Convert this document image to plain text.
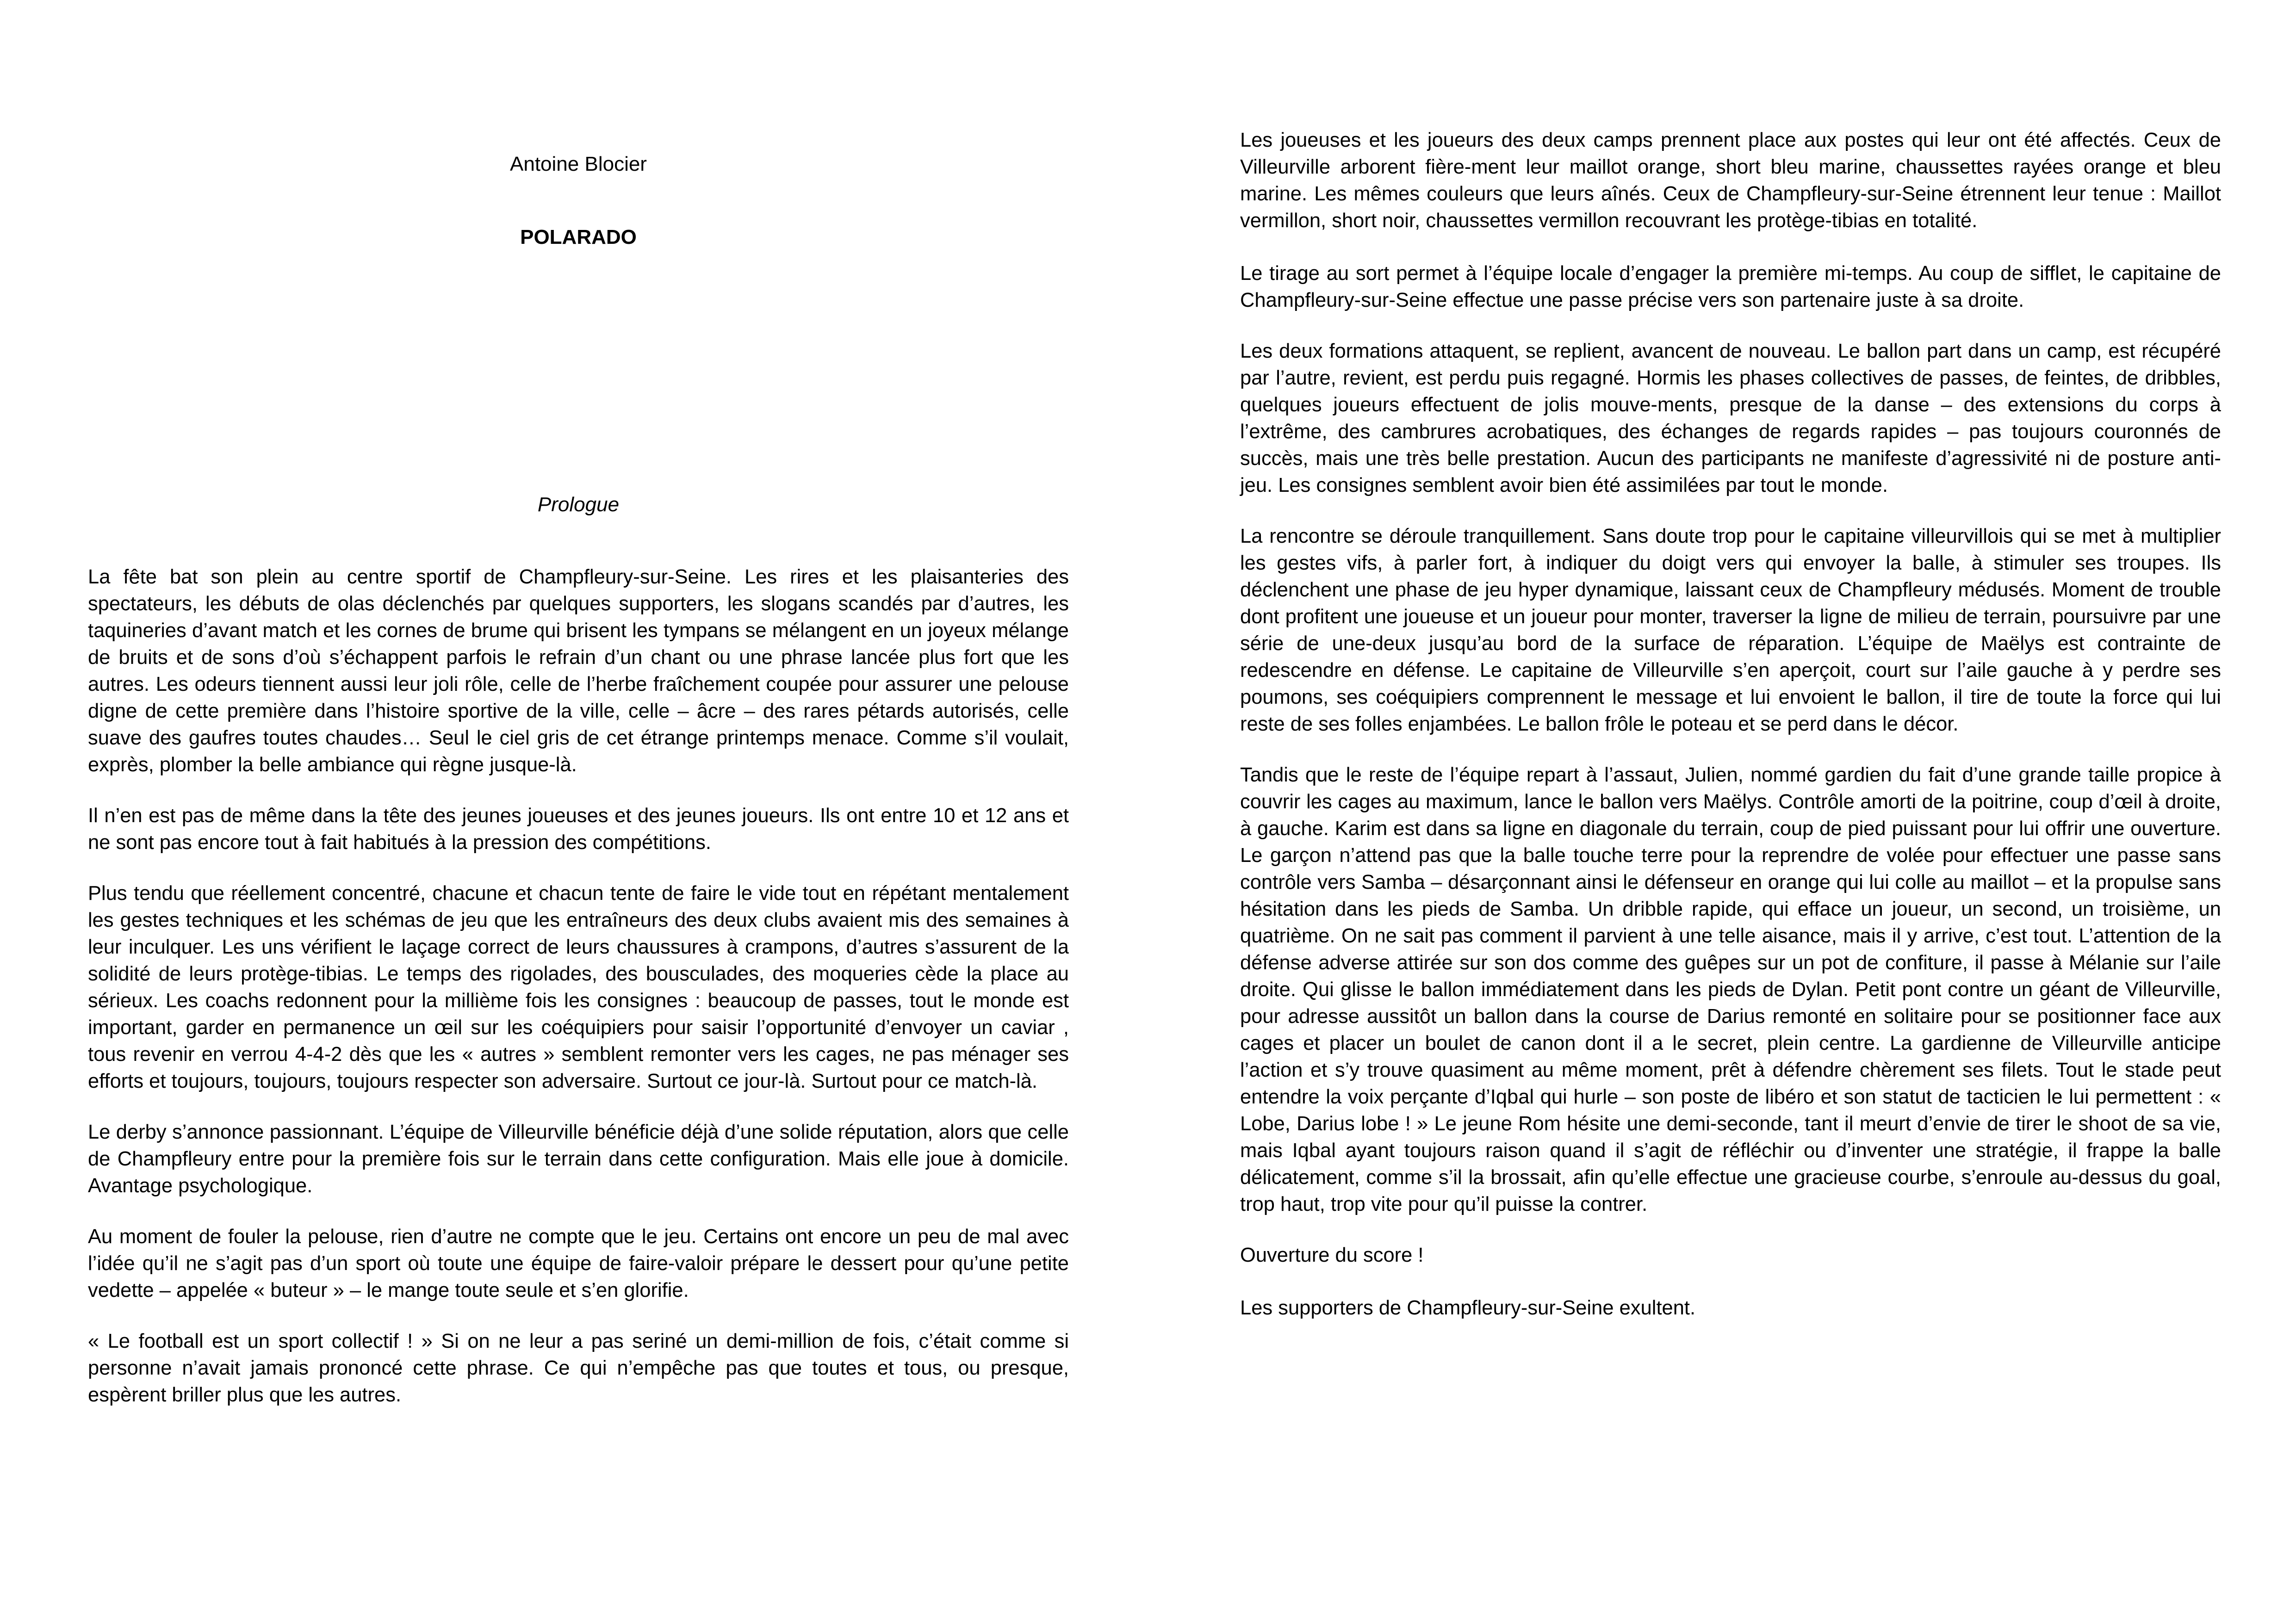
Antoine Blocier
POLARADO
Prologue

La fête bat son plein au centre sportif de Champfleury-sur-Seine. Les rires et les plaisanteries des spectateurs, les débuts de olas déclenchés par quelques supporters, les slogans scandés par d’autres, les taquineries d’avant match et les cornes de brume qui brisent les tympans se mélangent en un joyeux mélange de bruits et de sons d’où s’échappent parfois le refrain d’un chant ou une phrase lancée plus fort que les autres. Les odeurs tiennent aussi leur joli rôle, celle de l’herbe fraîchement coupée pour assurer une pelouse digne de cette première dans l’histoire sportive de la ville, celle – âcre – des rares pétards autorisés, celle suave des gaufres toutes chaudes… Seul le ciel gris de cet étrange printemps menace. Comme s’il voulait, exprès, plomber la belle ambiance qui règne jusque-là.

Il n’en est pas de même dans la tête des jeunes joueuses et des jeunes joueurs. Ils ont entre 10 et 12 ans et ne sont pas encore tout à fait habitués à la pression des compétitions.

Plus tendu que réellement concentré, chacune et chacun tente de faire le vide tout en répétant mentalement les gestes techniques et les schémas de jeu que les entraîneurs des deux clubs avaient mis des semaines à leur inculquer. Les uns vérifient le laçage correct de leurs chaussures à crampons, d’autres s’assurent de la solidité de leurs protège-tibias. Le temps des rigolades, des bousculades, des moqueries cède la place au sérieux. Les coachs redonnent pour la millième fois les consignes : beaucoup de passes, tout le monde est important, garder en permanence un œil sur les coéquipiers pour saisir l’opportunité d’envoyer un caviar , tous revenir en verrou 4-4-2 dès que les « autres » semblent remonter vers les cages, ne pas ménager ses efforts et toujours, toujours, toujours respecter son adversaire. Surtout ce jour-là. Surtout pour ce match-là.

Le derby s’annonce passionnant. L’équipe de Villeurville bénéficie déjà d’une solide réputation, alors que celle de Champfleury entre pour la première fois sur le terrain dans cette configuration. Mais elle joue à domicile. Avantage psychologique.

Au moment de fouler la pelouse, rien d’autre ne compte que le jeu. Certains ont encore un peu de mal avec l’idée qu’il ne s’agit pas d’un sport où toute une équipe de faire-valoir prépare le dessert pour qu’une petite vedette – appelée « buteur » – le mange toute seule et s’en glorifie.

« Le football est un sport collectif ! » Si on ne leur a pas seriné un demi-million de fois, c’était comme si personne n’avait jamais prononcé cette phrase. Ce qui n’empêche pas que toutes et tous, ou presque, espèrent briller plus que les autres.

Les joueuses et les joueurs des deux camps prennent place aux postes qui leur ont été affectés. Ceux de Villeurville arborent fière-ment leur maillot orange, short bleu marine, chaussettes rayées orange et bleu marine. Les mêmes couleurs que leurs aînés. Ceux de Champfleury-sur-Seine étrennent leur tenue : Maillot vermillon, short noir, chaussettes vermillon recouvrant les protège-tibias en totalité.

Le tirage au sort permet à l’équipe locale d’engager la première mi-temps. Au coup de sifflet, le capitaine de Champfleury-sur-Seine effectue une passe précise vers son partenaire juste à sa droite.

Les deux formations attaquent, se replient, avancent de nouveau. Le ballon part dans un camp, est récupéré par l’autre, revient, est perdu puis regagné. Hormis les phases collectives de passes, de feintes, de dribbles, quelques joueurs effectuent de jolis mouve-ments, presque de la danse – des extensions du corps à l’extrême, des cambrures acrobatiques, des échanges de regards rapides – pas toujours couronnés de succès, mais une très belle prestation. Aucun des participants ne manifeste d’agressivité ni de posture anti-jeu. Les consignes semblent avoir bien été assimilées par tout le monde.

La rencontre se déroule tranquillement. Sans doute trop pour le capitaine villeurvillois qui se met à multiplier les gestes vifs, à parler fort, à indiquer du doigt vers qui envoyer la balle, à stimuler ses troupes. Ils déclenchent une phase de jeu hyper dynamique, laissant ceux de Champfleury médusés. Moment de trouble dont profitent une joueuse et un joueur pour monter, traverser la ligne de milieu de terrain, poursuivre par une série de une-deux jusqu’au bord de la surface de réparation. L’équipe de Maëlys est contrainte de redescendre en défense. Le capitaine de Villeurville s’en aperçoit, court sur l’aile gauche à y perdre ses poumons, ses coéquipiers comprennent le message et lui envoient le ballon, il tire de toute la force qui lui reste de ses folles enjambées. Le ballon frôle le poteau et se perd dans le décor.

Tandis que le reste de l’équipe repart à l’assaut, Julien, nommé gardien du fait d’une grande taille propice à couvrir les cages au maximum, lance le ballon vers Maëlys. Contrôle amorti de la poitrine, coup d’œil à droite, à gauche. Karim est dans sa ligne en diagonale du terrain, coup de pied puissant pour lui offrir une ouverture. Le garçon n’attend pas que la balle touche terre pour la reprendre de volée pour effectuer une passe sans contrôle vers Samba – désarçonnant ainsi le défenseur en orange qui lui colle au maillot – et la propulse sans hésitation dans les pieds de Samba. Un dribble rapide, qui efface un joueur, un second, un troisième, un quatrième. On ne sait pas comment il parvient à une telle aisance, mais il y arrive, c’est tout. L’attention de la défense adverse attirée sur son dos comme des guêpes sur un pot de confiture, il passe à Mélanie sur l’aile droite. Qui glisse le ballon immédiatement dans les pieds de Dylan. Petit pont contre un géant de Villeurville, pour adresse aussitôt un ballon dans la course de Darius remonté en solitaire pour se positionner face aux cages et placer un boulet de canon dont il a le secret, plein centre. La gardienne de Villeurville anticipe l’action et s’y trouve quasiment au même moment, prêt à défendre chèrement ses filets. Tout le stade peut entendre la voix perçante d’Iqbal qui hurle – son poste de libéro et son statut de tacticien le lui permettent : « Lobe, Darius lobe ! » Le jeune Rom hésite une demi-seconde, tant il meurt d’envie de tirer le shoot de sa vie, mais Iqbal ayant toujours raison quand il s’agit de réfléchir ou d’inventer une stratégie, il frappe la balle délicatement, comme s’il la brossait, afin qu’elle effectue une gracieuse courbe, s’enroule au-dessus du goal, trop haut, trop vite pour qu’il puisse la contrer.

Ouverture du score !

Les supporters de Champfleury-sur-Seine exultent.
